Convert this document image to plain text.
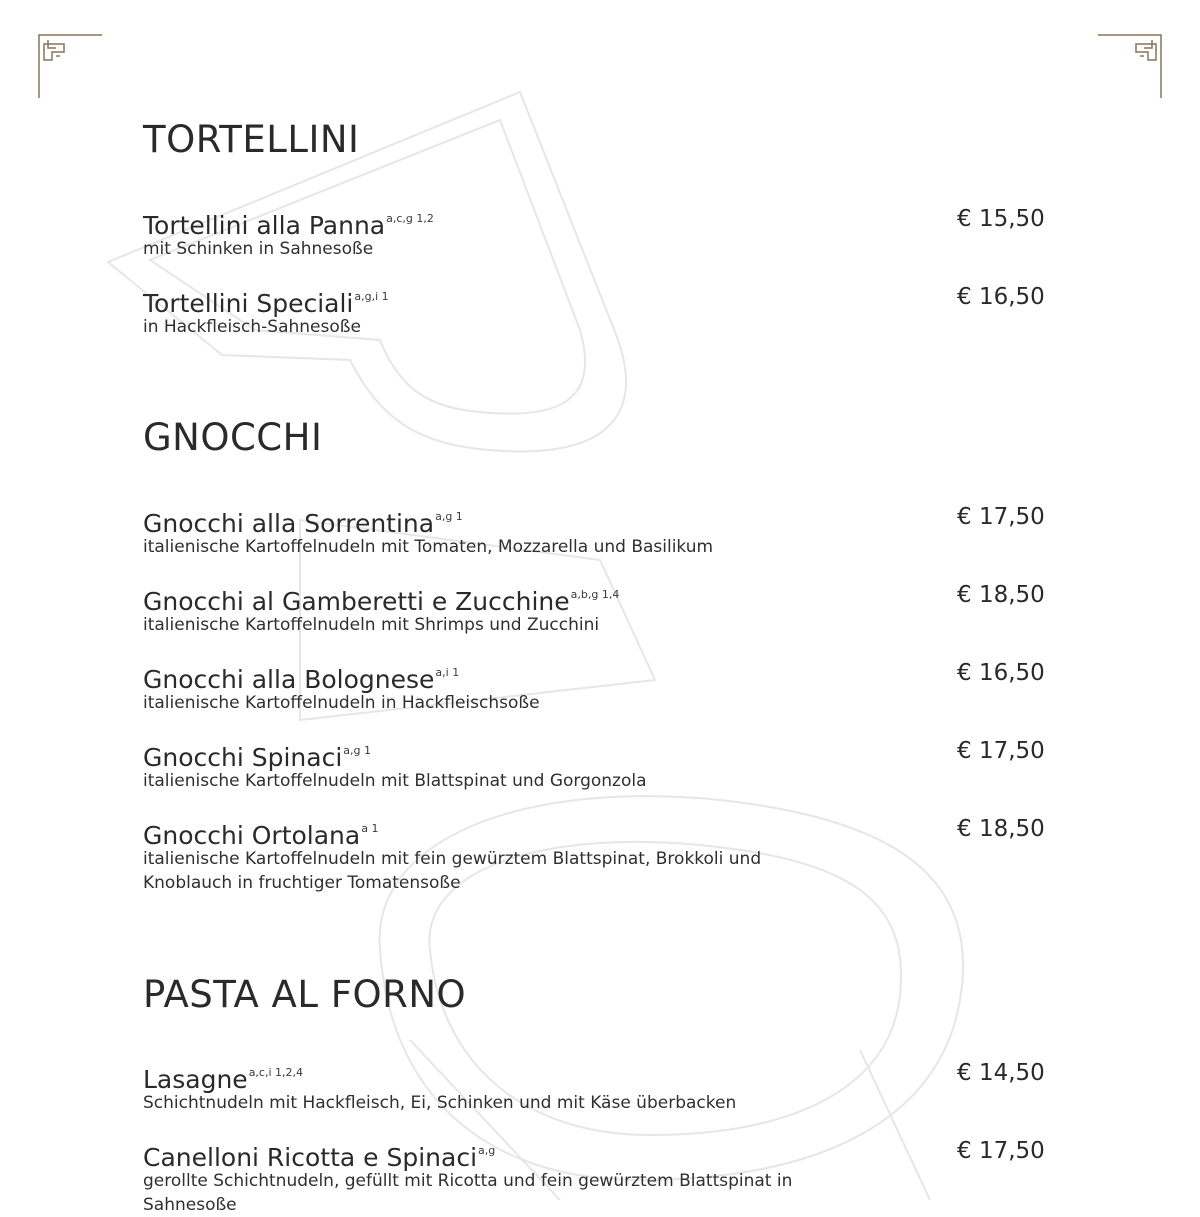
TORTELLINI
Tortellini alla Panna$^{a,c,g 1,2}$
mit Schinken in Sahnesoße
€ 15,50
Tortellini Speciali$^{a,g,i 1}$
in Hackfleisch-Sahnesoße
€ 16,50
GNOCCHI
Gnocchi alla Sorrentina$^{a,g 1}$
italienische Kartoffelnudeln mit Tomaten, Mozzarella und Basilikum
€ 17,50
Gnocchi al Gamberetti e Zucchine$^{a,b,g 1,4}$
italienische Kartoffelnudeln mit Shrimps und Zucchini
€ 18,50
Gnocchi alla Bolognese$^{a,i 1}$
italienische Kartoffelnudeln in Hackfleischsoße
€ 16,50
Gnocchi Spinaci$^{a,g 1}$
italienische Kartoffelnudeln mit Blattspinat und Gorgonzola
€ 17,50
Gnocchi Ortolana$^{a 1}$
italienische Kartoffelnudeln mit fein gewürztem Blattspinat, Brokkoli und Knoblauch in fruchtiger Tomatensoße
€ 18,50
PASTA AL FORNO
Lasagne$^{a,c,i 1,2,4}$
Schichtnudeln mit Hackfleisch, Ei, Schinken und mit Käse überbacken
€ 14,50
Canelloni Ricotta e Spinaci$^{a,g}$
gerollte Schichtnudeln, gefüllt mit Ricotta und fein gewürztem Blattspinat in Sahnesoße
€ 17,50
